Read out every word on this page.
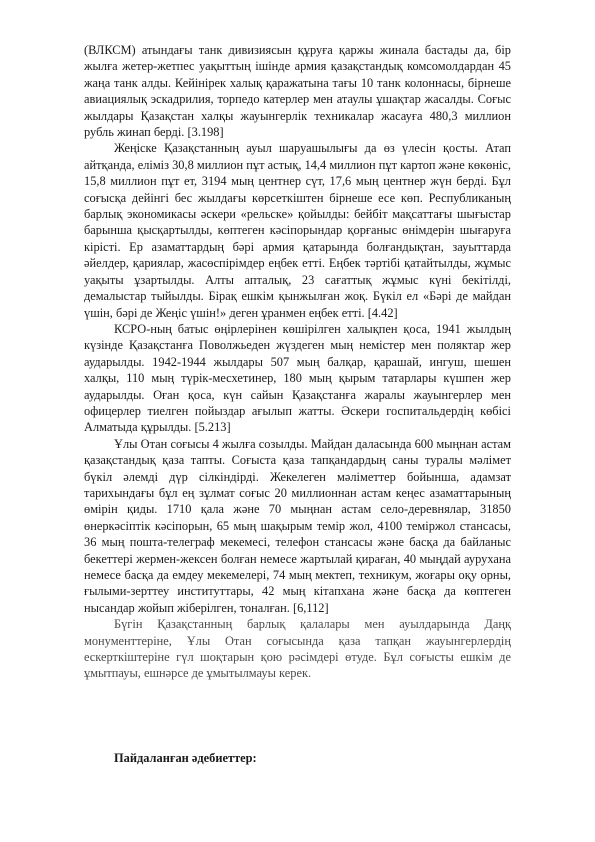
(ВЛКСМ) атындағы танк дивизиясын құруға қаржы жинала бастады да, бір жылға жетер-жетпес уақыттың ішінде армия қазақстандық комсомолдардан 45 жаңа танк алды. Кейінірек халық қаражатына тағы 10 танк колоннасы, бірнеше авиациялық эскадрилия, торпедо катерлер мен атаулы ұшақтар жасалды. Соғыс жылдары Қазақстан халқы жауынгерлік техникалар жасауға 480,3 миллион рубль жинап берді. [3.198]

Жеңіске Қазақстанның ауыл шаруашылығы да өз үлесін қосты. Атап айтқанда, еліміз 30,8 миллион пұт астық, 14,4 миллион пұт картоп және көкөніс, 15,8 миллион пұт ет, 3194 мың центнер сүт, 17,6 мың центнер жүн берді. Бұл соғысқа дейінгі бес жылдағы көрсеткіштен бірнеше есе көп. Республиканың барлық экономикасы әскери «рельске» қойылды: бейбіт мақсаттағы шығыстар барынша қысқартылды, көптеген кәсіпорындар қорғаныс өнімдерін шығаруға кірісті. Ер азаматтардың бәрі армия қатарында болғандықтан, зауыттарда әйелдер, қариялар, жасөспірімдер еңбек етті. Еңбек тәртібі қатайтылды, жұмыс уақыты ұзартылды. Алты апталық, 23 сағаттық жұмыс күні бекітілді, демалыстар тыйылды. Бірақ ешкім қынжылған жоқ. Бүкіл ел «Бәрі де майдан үшін, бәрі де Жеңіс үшін!» деген ұранмен еңбек етті. [4.42]

КСРО-ның батыс өңірлерінен көшірілген халықпен қоса, 1941 жылдың күзінде Қазақстанға Поволжьеден жүздеген мың немістер мен поляктар жер аударылды. 1942-1944 жылдары 507 мың балқар, қарашай, ингуш, шешен халқы, 110 мың түрік-месхетинер, 180 мың қырым татарлары күшпен жер аударылды. Оған қоса, күн сайын Қазақстанға жаралы жауынгерлер мен офицерлер тиелген пойыздар ағылып жатты. Әскери госпитальдердің көбісі Алматыда құрылды. [5.213]

Ұлы Отан соғысы 4 жылға созылды. Майдан даласында 600 мыңнан астам қазақстандық қаза тапты. Соғыста қаза тапқандардың саны туралы мәлімет бүкіл әлемді дүр сілкіндірді. Жекелеген мәліметтер бойынша, адамзат тарихындағы бұл ең зұлмат соғыс 20 миллионнан астам кеңес азаматтарының өмірін қиды. 1710 қала және 70 мыңнан астам село-деревнялар, 31850 өнеркәсіптік кәсіпорын, 65 мың шақырым темір жол, 4100 теміржол стансасы, 36 мың пошта-телеграф мекемесі, телефон стансасы және басқа да байланыс бекеттері жермен-жексен болған немесе жартылай қираған, 40 мыңдай аурухана немесе басқа да емдеу мекемелері, 74 мың мектеп, техникум, жоғары оқу орны, ғылыми-зерттеу институттары, 42 мың кітапхана және басқа да көптеген нысандар жойып жіберілген, тоналған. [6,112]

Бүгін Қазақстанның барлық қалалары мен ауылдарында Даңқ монументтеріне, Ұлы Отан соғысында қаза тапқан жауынгерлердің ескерткіштеріне гүл шоқтарын қою рәсімдері өтуде. Бұл соғысты ешкім де ұмытпауы, ешнәрсе де ұмытылмауы керек.

Пайдаланған әдебиеттер:
